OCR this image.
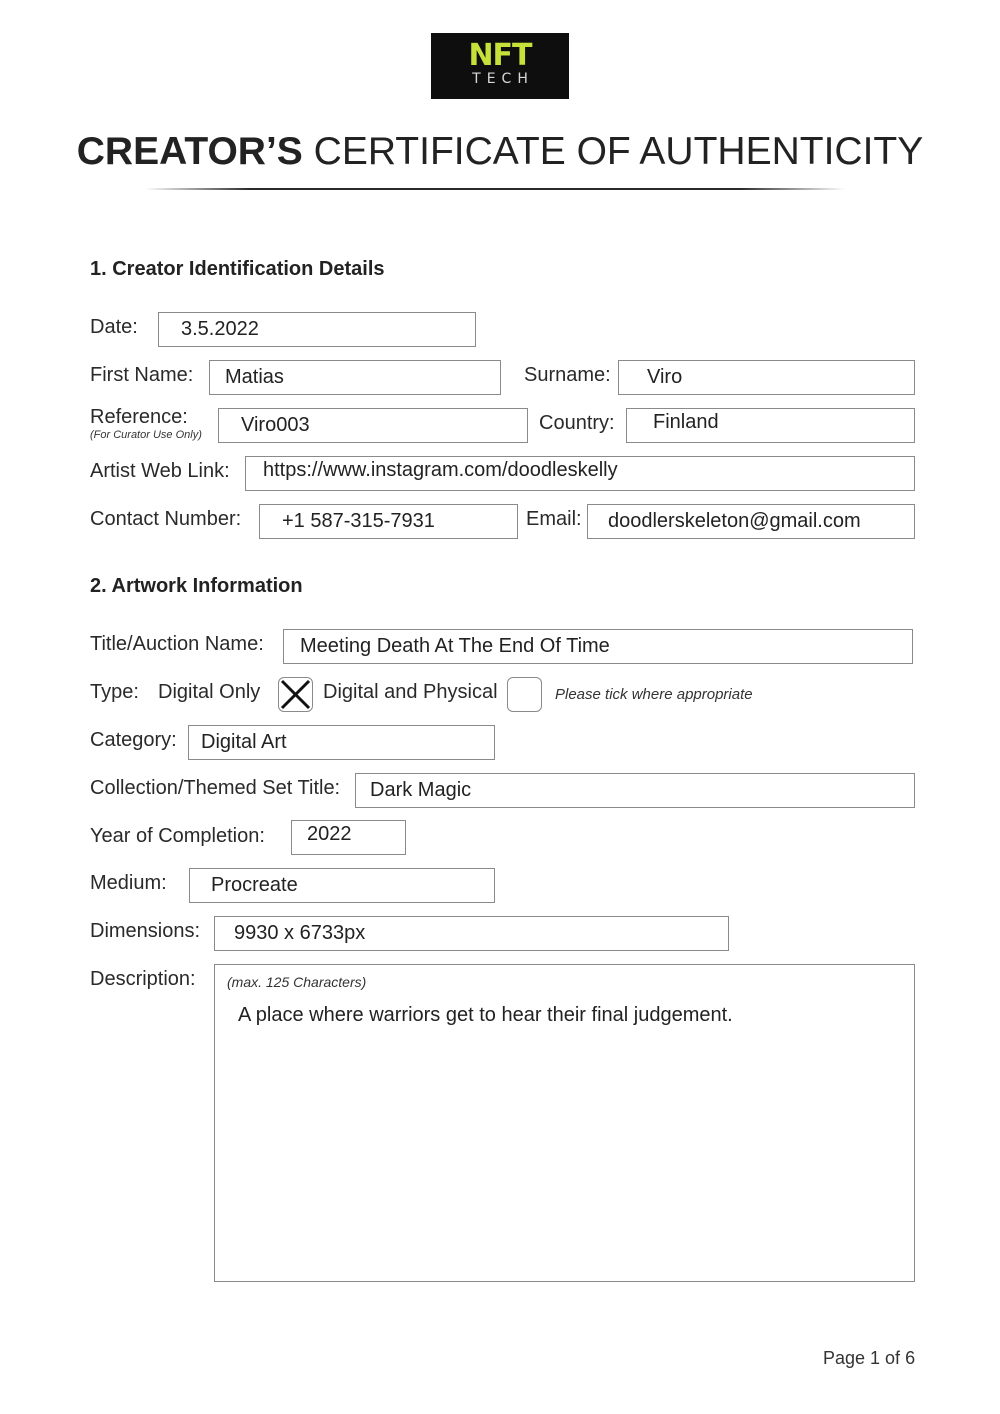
NFT
TECH
CREATOR’S CERTIFICATE OF AUTHENTICITY
1. Creator Identification Details
Date:	3.5.2022
First Name:	Matias	Surname:	Viro
Reference:
(For Curator Use Only)	Viro003	Country:	Finland
Artist Web Link:	https://www.instagram.com/doodleskelly
Contact Number:	+1 587-315-7931	Email:	doodlerskeleton@gmail.com
2. Artwork Information
Title/Auction Name:	Meeting Death At The End Of Time
Type: Digital Only	Digital and Physical	Please tick where appropriate
Category:	Digital Art
Collection/Themed Set Title:	Dark Magic
Year of Completion:	2022
Medium:	Procreate
Dimensions:	9930 x 6733px
Description: (max. 125 Characters)
A place where warriors get to hear their final judgement.
Page 1 of 6
